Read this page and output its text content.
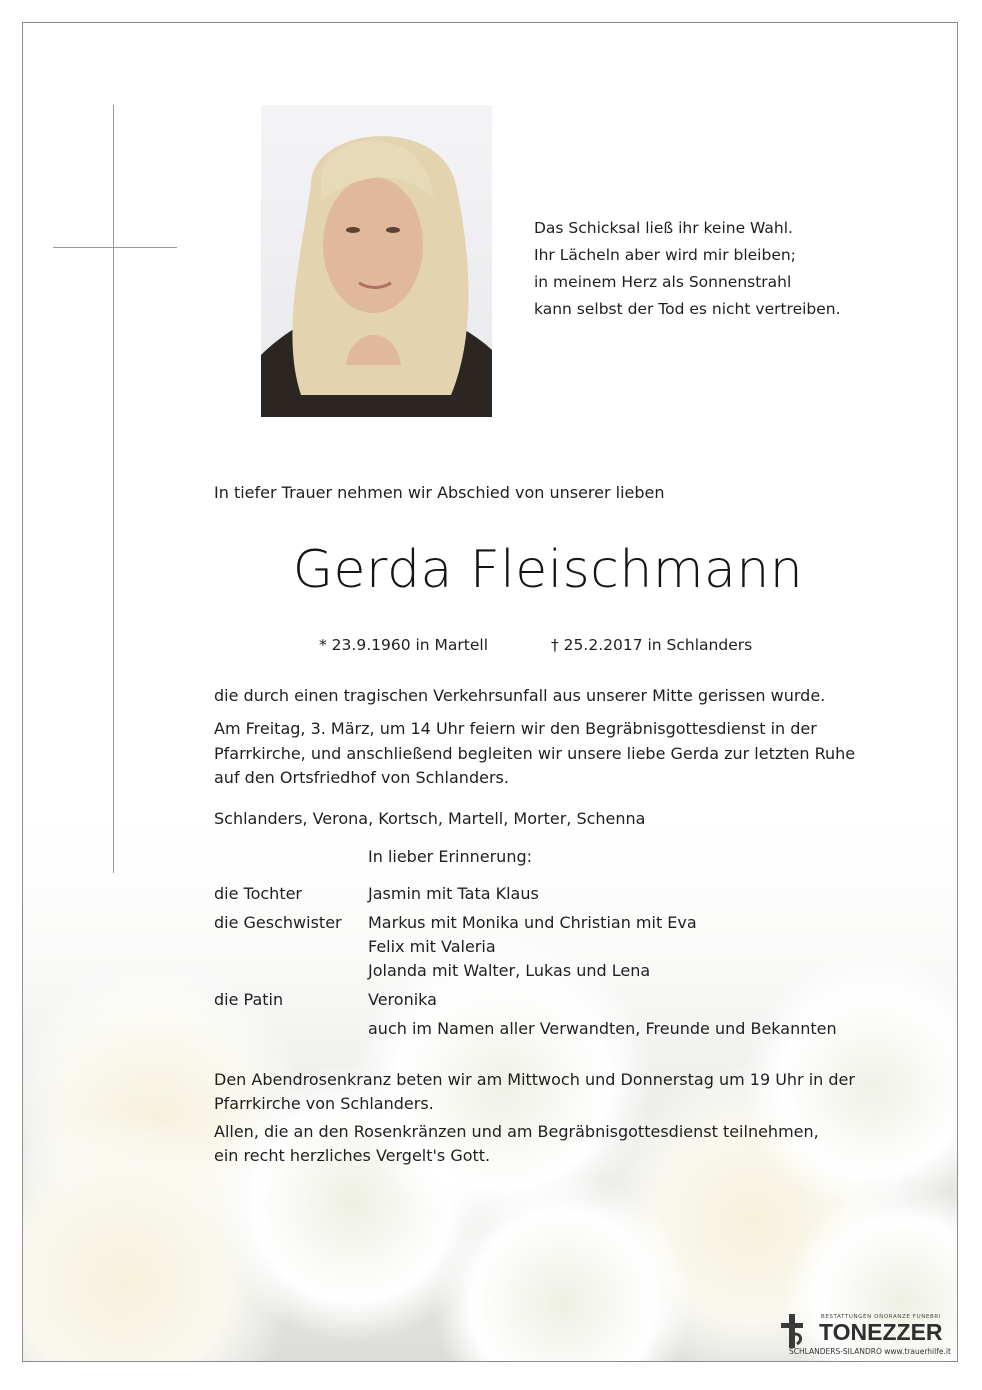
Das Schicksal ließ ihr keine Wahl.
Ihr Lächeln aber wird mir bleiben;
in meinem Herz als Sonnenstrahl
kann selbst der Tod es nicht vertreiben.
In tiefer Trauer nehmen wir Abschied von unserer lieben
Gerda Fleischmann
* 23.9.1960 in Martell	† 25.2.2017 in Schlanders
die durch einen tragischen Verkehrsunfall aus unserer Mitte gerissen wurde.
Am Freitag, 3. März, um 14 Uhr feiern wir den Begräbnisgottesdienst in der
Pfarrkirche, und anschließend begleiten wir unsere liebe Gerda zur letzten Ruhe
auf den Ortsfriedhof von Schlanders.
Schlanders, Verona, Kortsch, Martell, Morter, Schenna
In lieber Erinnerung:
die Tochter	Jasmin mit Tata Klaus
die Geschwister Markus mit Monika und Christian mit Eva
Felix mit Valeria
Jolanda mit Walter, Lukas und Lena
die Patin	Veronika
auch im Namen aller Verwandten, Freunde und Bekannten
Den Abendrosenkranz beten wir am Mittwoch und Donnerstag um 19 Uhr in der
Pfarrkirche von Schlanders.
Allen, die an den Rosenkränzen und am Begräbnisgottesdienst teilnehmen,
ein recht herzliches Vergelt's Gott.
BESTATTUNGEN ONORANZE FUNEBRI
TONEZZER
SCHLANDERS-SILANDRO www.trauerhilfe.it
